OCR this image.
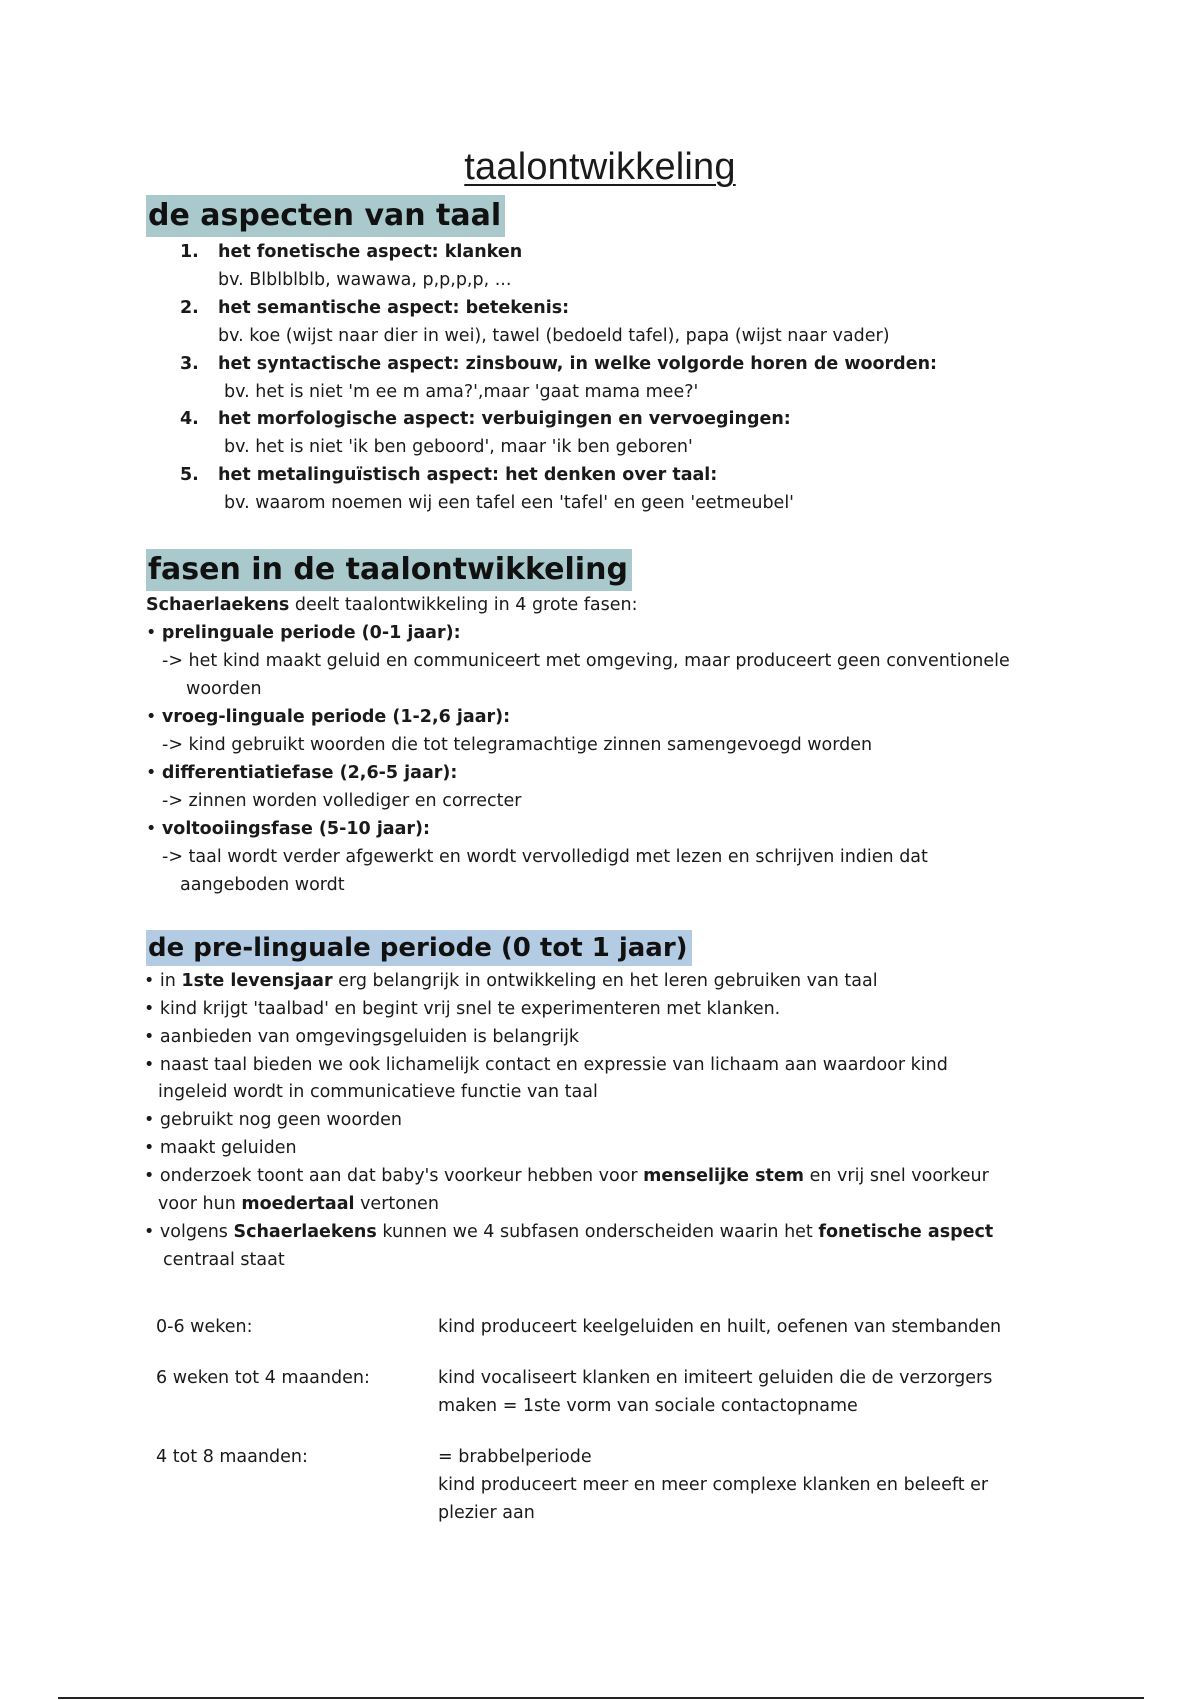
taalontwikkeling
de aspecten van taal
1. het fonetische aspect: klanken
bv. Blblblblb, wawawa, p,p,p,p, ...
2. het semantische aspect: betekenis:
bv. koe (wijst naar dier in wei), tawel (bedoeld tafel), papa (wijst naar vader)
3. het syntactische aspect: zinsbouw, in welke volgorde horen de woorden:
bv. het is niet 'm ee m ama?',maar 'gaat mama mee?'
4. het morfologische aspect: verbuigingen en vervoegingen:
bv. het is niet 'ik ben geboord', maar 'ik ben geboren'
5. het metalinguïstisch aspect: het denken over taal:
bv. waarom noemen wij een tafel een 'tafel' en geen 'eetmeubel'
fasen in de taalontwikkeling
Schaerlaekens deelt taalontwikkeling in 4 grote fasen:
• prelinguale periode (0-1 jaar):
-> het kind maakt geluid en communiceert met omgeving, maar produceert geen conventionele
woorden
• vroeg-linguale periode (1-2,6 jaar):
-> kind gebruikt woorden die tot telegramachtige zinnen samengevoegd worden
• differentiatiefase (2,6-5 jaar):
-> zinnen worden vollediger en correcter
• voltooiingsfase (5-10 jaar):
-> taal wordt verder afgewerkt en wordt vervolledigd met lezen en schrijven indien dat
aangeboden wordt
de pre-linguale periode (0 tot 1 jaar)
• in 1ste levensjaar erg belangrijk in ontwikkeling en het leren gebruiken van taal
• kind krijgt 'taalbad' en begint vrij snel te experimenteren met klanken.
• aanbieden van omgevingsgeluiden is belangrijk
• naast taal bieden we ook lichamelijk contact en expressie van lichaam aan waardoor kind
ingeleid wordt in communicatieve functie van taal
• gebruikt nog geen woorden
• maakt geluiden
• onderzoek toont aan dat baby's voorkeur hebben voor menselijke stem en vrij snel voorkeur
voor hun moedertaal vertonen
• volgens Schaerlaekens kunnen we 4 subfasen onderscheiden waarin het fonetische aspect
centraal staat
0-6 weken:	kind produceert keelgeluiden en huilt, oefenen van stembanden
6 weken tot 4 maanden:	kind vocaliseert klanken en imiteert geluiden die de verzorgers
maken = 1ste vorm van sociale contactopname
4 tot 8 maanden:	= brabbelperiode
kind produceert meer en meer complexe klanken en beleeft er
plezier aan
